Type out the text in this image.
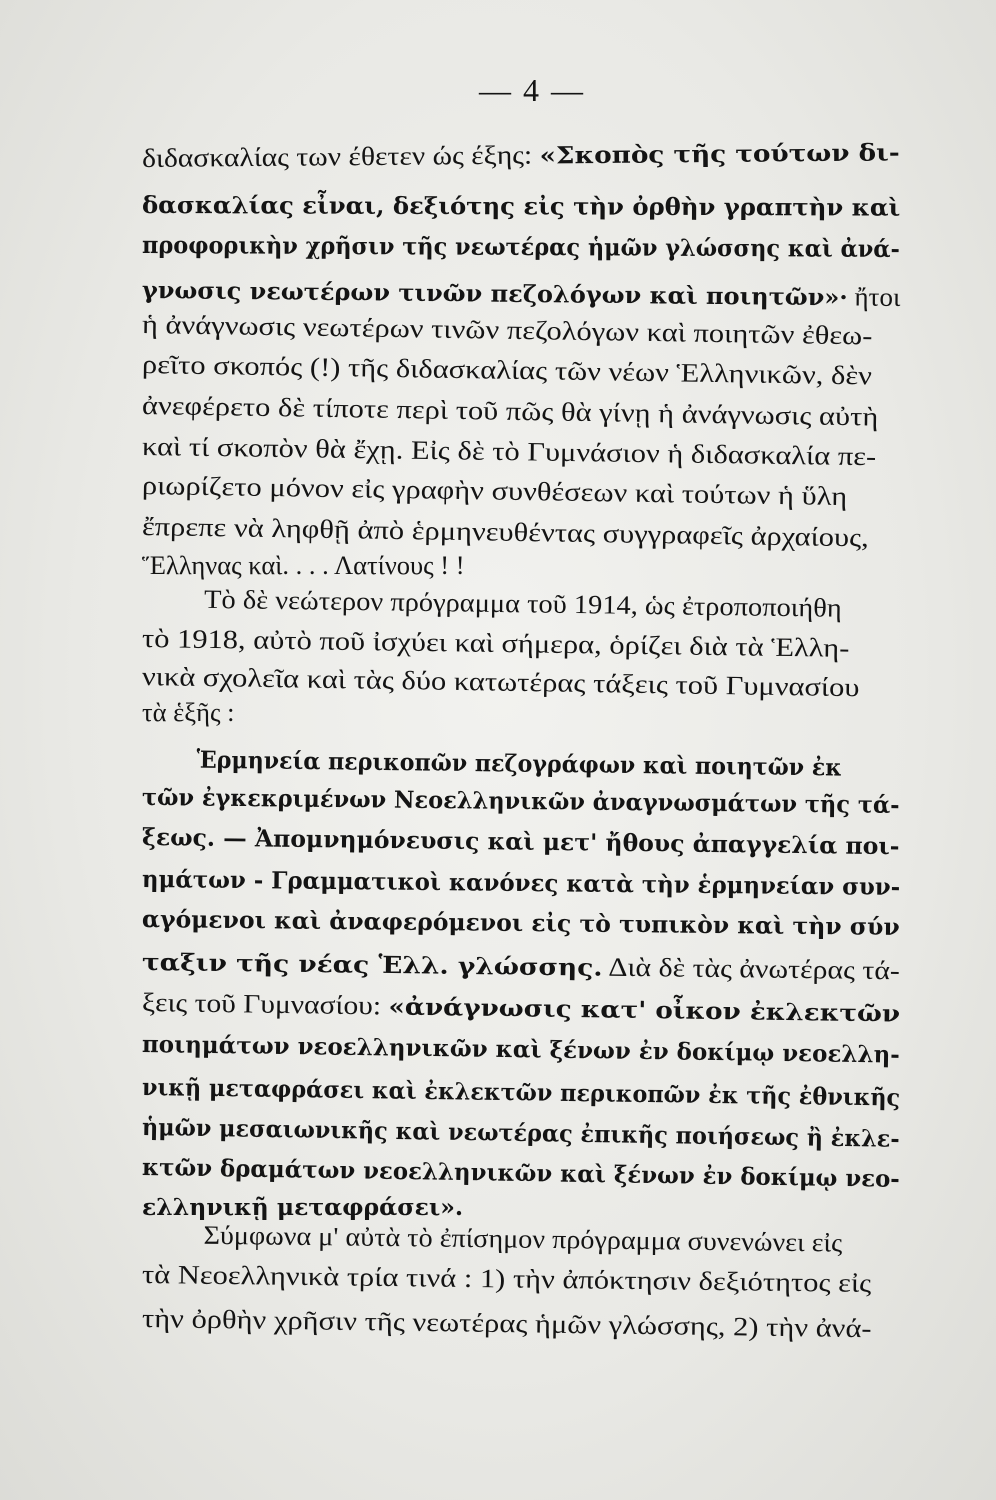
— 4 —
διδασκαλίας των έθετεν ώς έξης: «Σκοπὸς τῆς τούτων δι-
δασκαλίας εἶναι, δεξιότης εἰς τὴν ὀρθὴν γραπτὴν καὶ
προφορικὴν χρῆσιν τῆς νεωτέρας ἡμῶν γλώσσης καὶ ἀνά-
γνωσις νεωτέρων τινῶν πεζολόγων καὶ ποιητῶν»· ἤτοι
ἡ ἀνάγνωσις νεωτέρων τινῶν πεζολόγων καὶ ποιητῶν ἐθεω-
ρεῖτο σκοπός (!) τῆς διδασκαλίας τῶν νέων Ἑλληνικῶν, δὲν
ἀνεφέρετο δὲ τίποτε περὶ τοῦ πῶς θὰ γίνῃ ἡ ἀνάγνωσις αὐτὴ
καὶ τί σκοπὸν θὰ ἔχῃ. Εἰς δὲ τὸ Γυμνάσιον ἡ διδασκαλία πε-
ριωρίζετο μόνον εἰς γραφὴν συνθέσεων καὶ τούτων ἡ ὕλη
ἔπρεπε νὰ ληφθῇ ἀπὸ ἑρμηνευθέντας συγγραφεῖς ἀρχαίους,
Ἕλληνας καὶ. . . . Λατίνους ! !
Τὸ δὲ νεώτερον πρόγραμμα τοῦ 1914, ὡς ἐτροποποιήθη
τὸ 1918, αὐτὸ ποῦ ἰσχύει καὶ σήμερα, ὁρίζει διὰ τὰ Ἑλλη-
νικὰ σχολεῖα καὶ τὰς δύο κατωτέρας τάξεις τοῦ Γυμνασίου
τὰ ἑξῆς :
Ἑρμηνεία περικοπῶν πεζογράφων καὶ ποιητῶν ἐκ
τῶν ἐγκεκριμένων Νεοελληνικῶν ἀναγνωσμάτων τῆς τά-
ξεως. — Ἀπομνημόνευσις καὶ μετ' ἤθους ἀπαγγελία ποι-
ημάτων - Γραμματικοὶ κανόνες κατὰ τὴν ἑρμηνείαν συν-
αγόμενοι καὶ ἀναφερόμενοι εἰς τὸ τυπικὸν καὶ τὴν σύν
ταξιν τῆς νέας Ἑλλ. γλώσσης. Διὰ δὲ τὰς ἀνωτέρας τά-
ξεις τοῦ Γυμνασίου: «ἀνάγνωσις κατ' οἶκον ἐκλεκτῶν
ποιημάτων νεοελληνικῶν καὶ ξένων ἐν δοκίμῳ νεοελλη-
νικῇ μεταφράσει καὶ ἐκλεκτῶν περικοπῶν ἐκ τῆς ἐθνικῆς
ἡμῶν μεσαιωνικῆς καὶ νεωτέρας ἐπικῆς ποιήσεως ἢ ἐκλε-
κτῶν δραμάτων νεοελληνικῶν καὶ ξένων ἐν δοκίμῳ νεο-
ελληνικῇ μεταφράσει».
Σύμφωνα μ' αὐτὰ τὸ ἐπίσημον πρόγραμμα συνενώνει εἰς
τὰ Νεοελληνικὰ τρία τινά : 1) τὴν ἀπόκτησιν δεξιότητος εἰς
τὴν ὀρθὴν χρῆσιν τῆς νεωτέρας ἡμῶν γλώσσης, 2) τὴν ἀνά-
